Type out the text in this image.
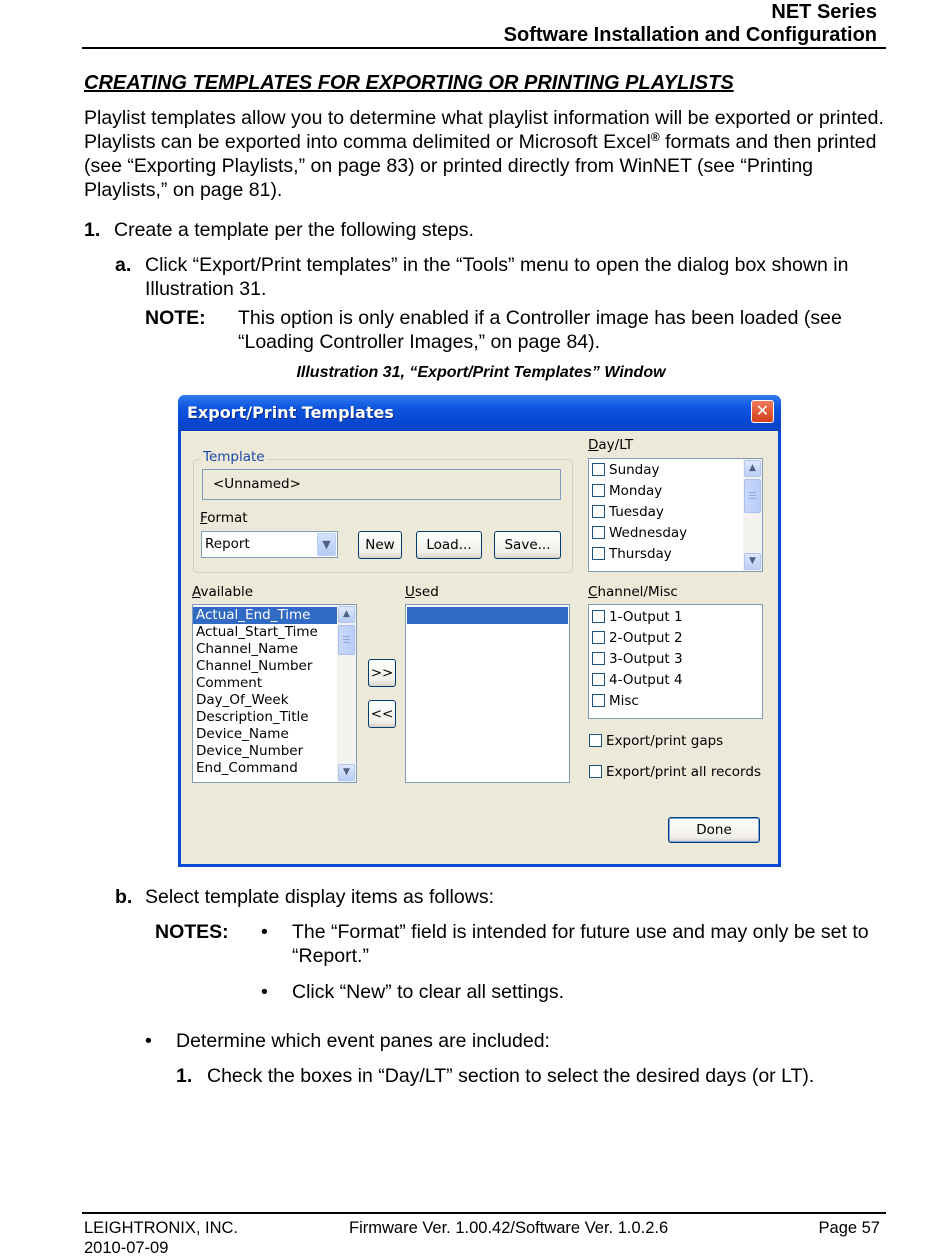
NET Series
Software Installation and Configuration
CREATING TEMPLATES FOR EXPORTING OR PRINTING PLAYLISTS
Playlist templates allow you to determine what playlist information will be exported or printed. Playlists can be exported into comma delimited or Microsoft Excel® formats and then printed (see “Exporting Playlists,” on page 83) or printed directly from WinNET (see “Printing Playlists,” on page 81).
1. Create a template per the following steps.
a. Click “Export/Print templates” in the “Tools” menu to open the dialog box shown in Illustration 31.
NOTE: This option is only enabled if a Controller image has been loaded (see “Loading Controller Images,” on page 84).
Illustration 31, “Export/Print Templates” Window
Export/Print Templates	✕
Template
<Unnamed>
Format
Report	▼	New	Load...	Save...
Day/LT
Sunday
Monday
Tuesday
Wednesday
Thursday
▲
▼
Available
Actual_End_Time
Actual_Start_Time
Channel_Name
Channel_Number
Comment
Day_Of_Week
Description_Title
Device_Name
Device_Number
End_Command
▲
▼
>>
<<
Used	Channel/Misc
1-Output 1
2-Output 2
3-Output 3
4-Output 4
Misc
Export/print gaps
Export/print all records
Done
b. Select template display items as follows:
NOTES: • The “Format” field is intended for future use and may only be set to “Report.”
• Click “New” to clear all settings.
• Determine which event panes are included:
1. Check the boxes in “Day/LT” section to select the desired days (or LT).
LEIGHTRONIX, INC.
2010-07-09
Firmware Ver. 1.00.42/Software Ver. 1.0.2.6	Page 57
